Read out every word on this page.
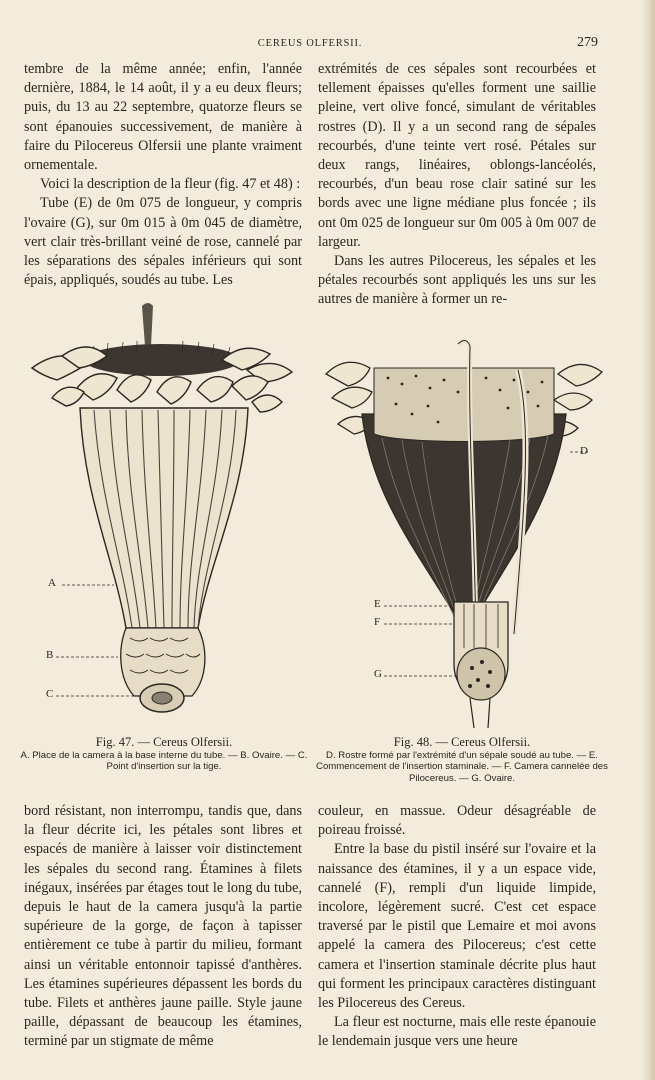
CEREUS OLFERSII.	279

tembre de la même année; enfin, l'année dernière, 1884, le 14 août, il y a eu deux fleurs; puis, du 13 au 22 septembre, quatorze fleurs se sont épanouies successivement, de manière à faire du Pilocereus Olfersii une plante vraiment ornementale.

Voici la description de la fleur (fig. 47 et 48) :

Tube (E) de 0m 075 de longueur, y compris l'ovaire (G), sur 0m 015 à 0m 045 de diamètre, vert clair très-brillant veiné de rose, cannelé par les séparations des sépales inférieurs qui sont épais, appliqués, soudés au tube. Les

extrémités de ces sépales sont recourbées et tellement épaisses qu'elles forment une saillie pleine, vert olive foncé, simulant de véritables rostres (D). Il y a un second rang de sépales recourbés, d'une teinte vert rosé. Pétales sur deux rangs, linéaires, oblongs-lancéolés, recourbés, d'un beau rose clair satiné sur les bords avec une ligne médiane plus foncée ; ils ont 0m 025 de longueur sur 0m 005 à 0m 007 de largeur.

Dans les autres Pilocereus, les sépales et les pétales recourbés sont appliqués les uns sur les autres de manière à former un re-

A
B
C
D
E
F
G
Fig. 47. — Cereus Olfersii.
A. Place de la camera à la base interne du tube. — B. Ovaire. — C. Point d'insertion sur la tige.
Fig. 48. — Cereus Olfersii.
D. Rostre formé par l'extrémité d'un sépale soudé au tube. — E. Commencement de l'insertion staminale. — F. Camera cannelée des Pilocereus. — G. Ovaire.

bord résistant, non interrompu, tandis que, dans la fleur décrite ici, les pétales sont libres et espacés de manière à laisser voir distinctement les sépales du second rang. Étamines à filets inégaux, insérées par étages tout le long du tube, depuis le haut de la camera jusqu'à la partie supérieure de la gorge, de façon à tapisser entièrement ce tube à partir du milieu, formant ainsi un véritable entonnoir tapissé d'anthères. Les étamines supérieures dépassent les bords du tube. Filets et anthères jaune paille. Style jaune paille, dépassant de beaucoup les étamines, terminé par un stigmate de même

couleur, en massue. Odeur désagréable de poireau froissé.

Entre la base du pistil inséré sur l'ovaire et la naissance des étamines, il y a un espace vide, cannelé (F), rempli d'un liquide limpide, incolore, légèrement sucré. C'est cet espace traversé par le pistil que Lemaire et moi avons appelé la camera des Pilocereus; c'est cette camera et l'insertion staminale décrite plus haut qui forment les principaux caractères distinguant les Pilocereus des Cereus.

La fleur est nocturne, mais elle reste épanouie le lendemain jusque vers une heure
